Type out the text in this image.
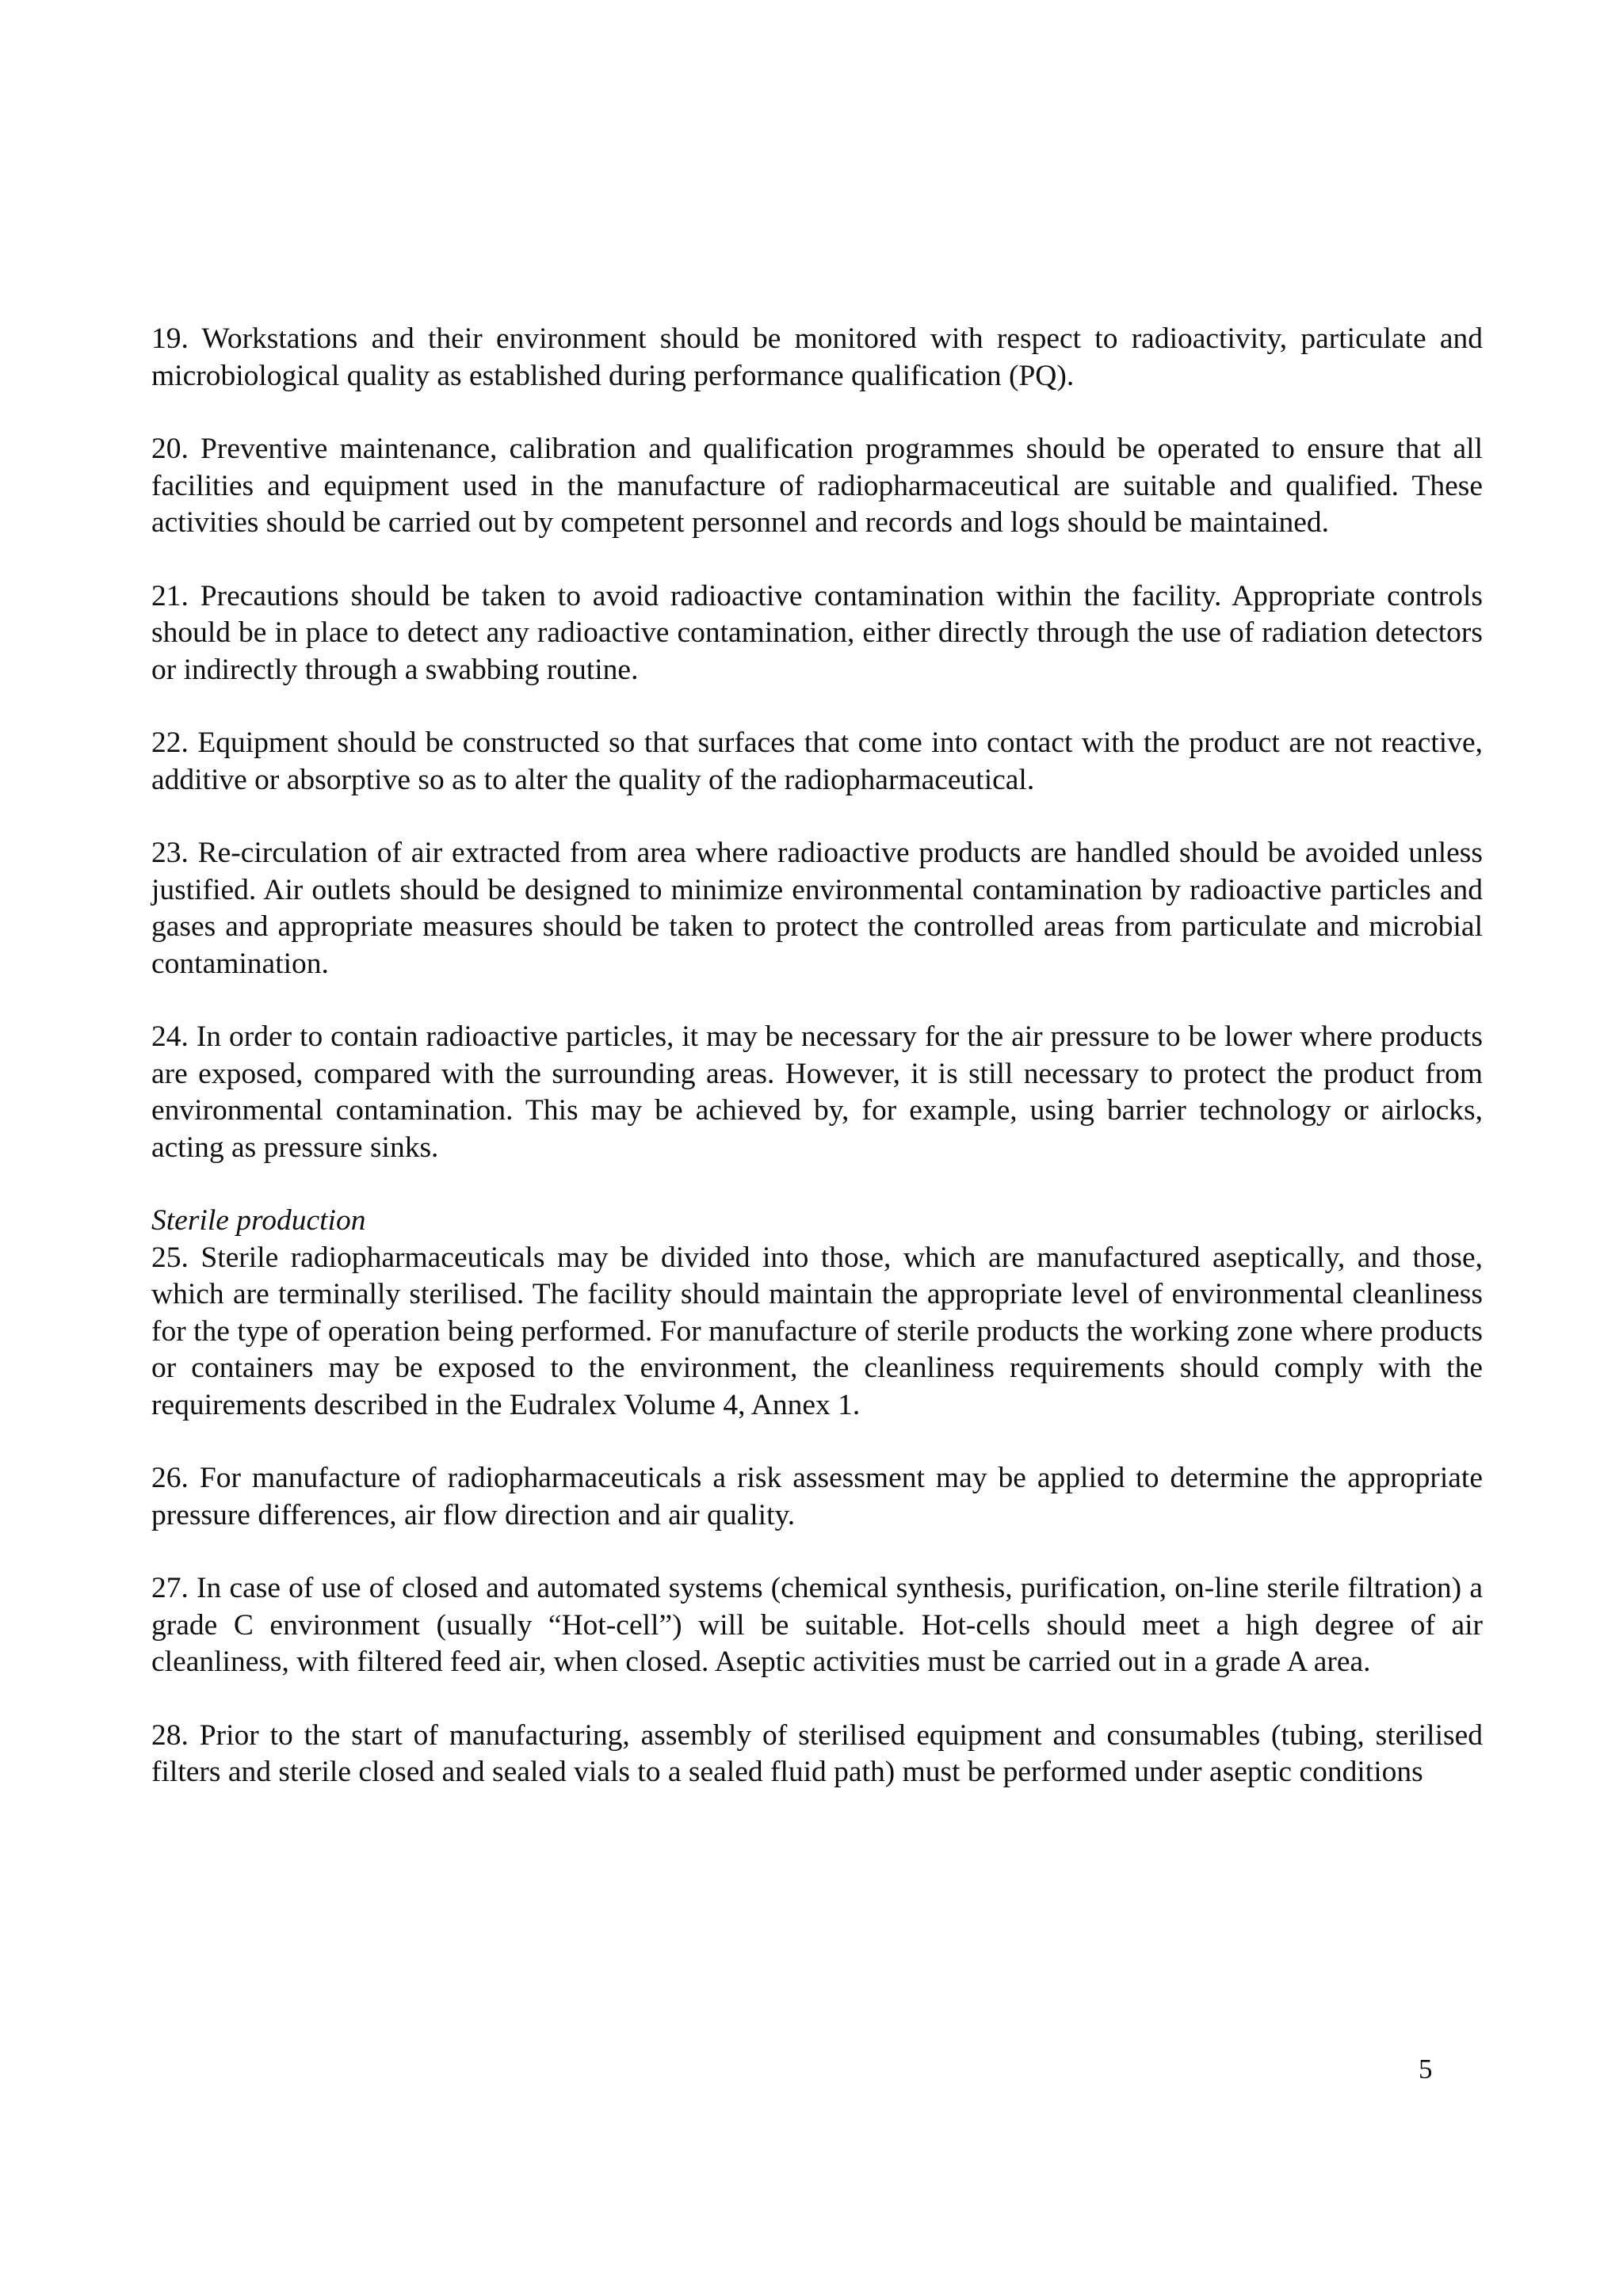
19. Workstations and their environment should be monitored with respect to radioactivity, particulate and microbiological quality as established during performance qualification (PQ).

20. Preventive maintenance, calibration and qualification programmes should be operated to ensure that all facilities and equipment used in the manufacture of radiopharmaceutical are suitable and qualified. These activities should be carried out by competent personnel and records and logs should be maintained.

21. Precautions should be taken to avoid radioactive contamination within the facility. Appropriate controls should be in place to detect any radioactive contamination, either directly through the use of radiation detectors or indirectly through a swabbing routine.

22. Equipment should be constructed so that surfaces that come into contact with the product are not reactive, additive or absorptive so as to alter the quality of the radiopharmaceutical.

23. Re-circulation of air extracted from area where radioactive products are handled should be avoided unless justified. Air outlets should be designed to minimize environmental contamination by radioactive particles and gases and appropriate measures should be taken to protect the controlled areas from particulate and microbial contamination.

24. In order to contain radioactive particles, it may be necessary for the air pressure to be lower where products are exposed, compared with the surrounding areas. However, it is still necessary to protect the product from environmental contamination. This may be achieved by, for example, using barrier technology or airlocks, acting as pressure sinks.

Sterile production

25. Sterile radiopharmaceuticals may be divided into those, which are manufactured aseptically, and those, which are terminally sterilised. The facility should maintain the appropriate level of environmental cleanliness for the type of operation being performed. For manufacture of sterile products the working zone where products or containers may be exposed to the environment, the cleanliness requirements should comply with the requirements described in the Eudralex Volume 4, Annex 1.

26. For manufacture of radiopharmaceuticals a risk assessment may be applied to determine the appropriate pressure differences, air flow direction and air quality.

27. In case of use of closed and automated systems (chemical synthesis, purification, on-line sterile filtration) a grade C environment (usually “Hot-cell”) will be suitable. Hot-cells should meet a high degree of air cleanliness, with filtered feed air, when closed. Aseptic activities must be carried out in a grade A area.

28. Prior to the start of manufacturing, assembly of sterilised equipment and consumables (tubing, sterilised filters and sterile closed and sealed vials to a sealed fluid path) must be performed under aseptic conditions

5
